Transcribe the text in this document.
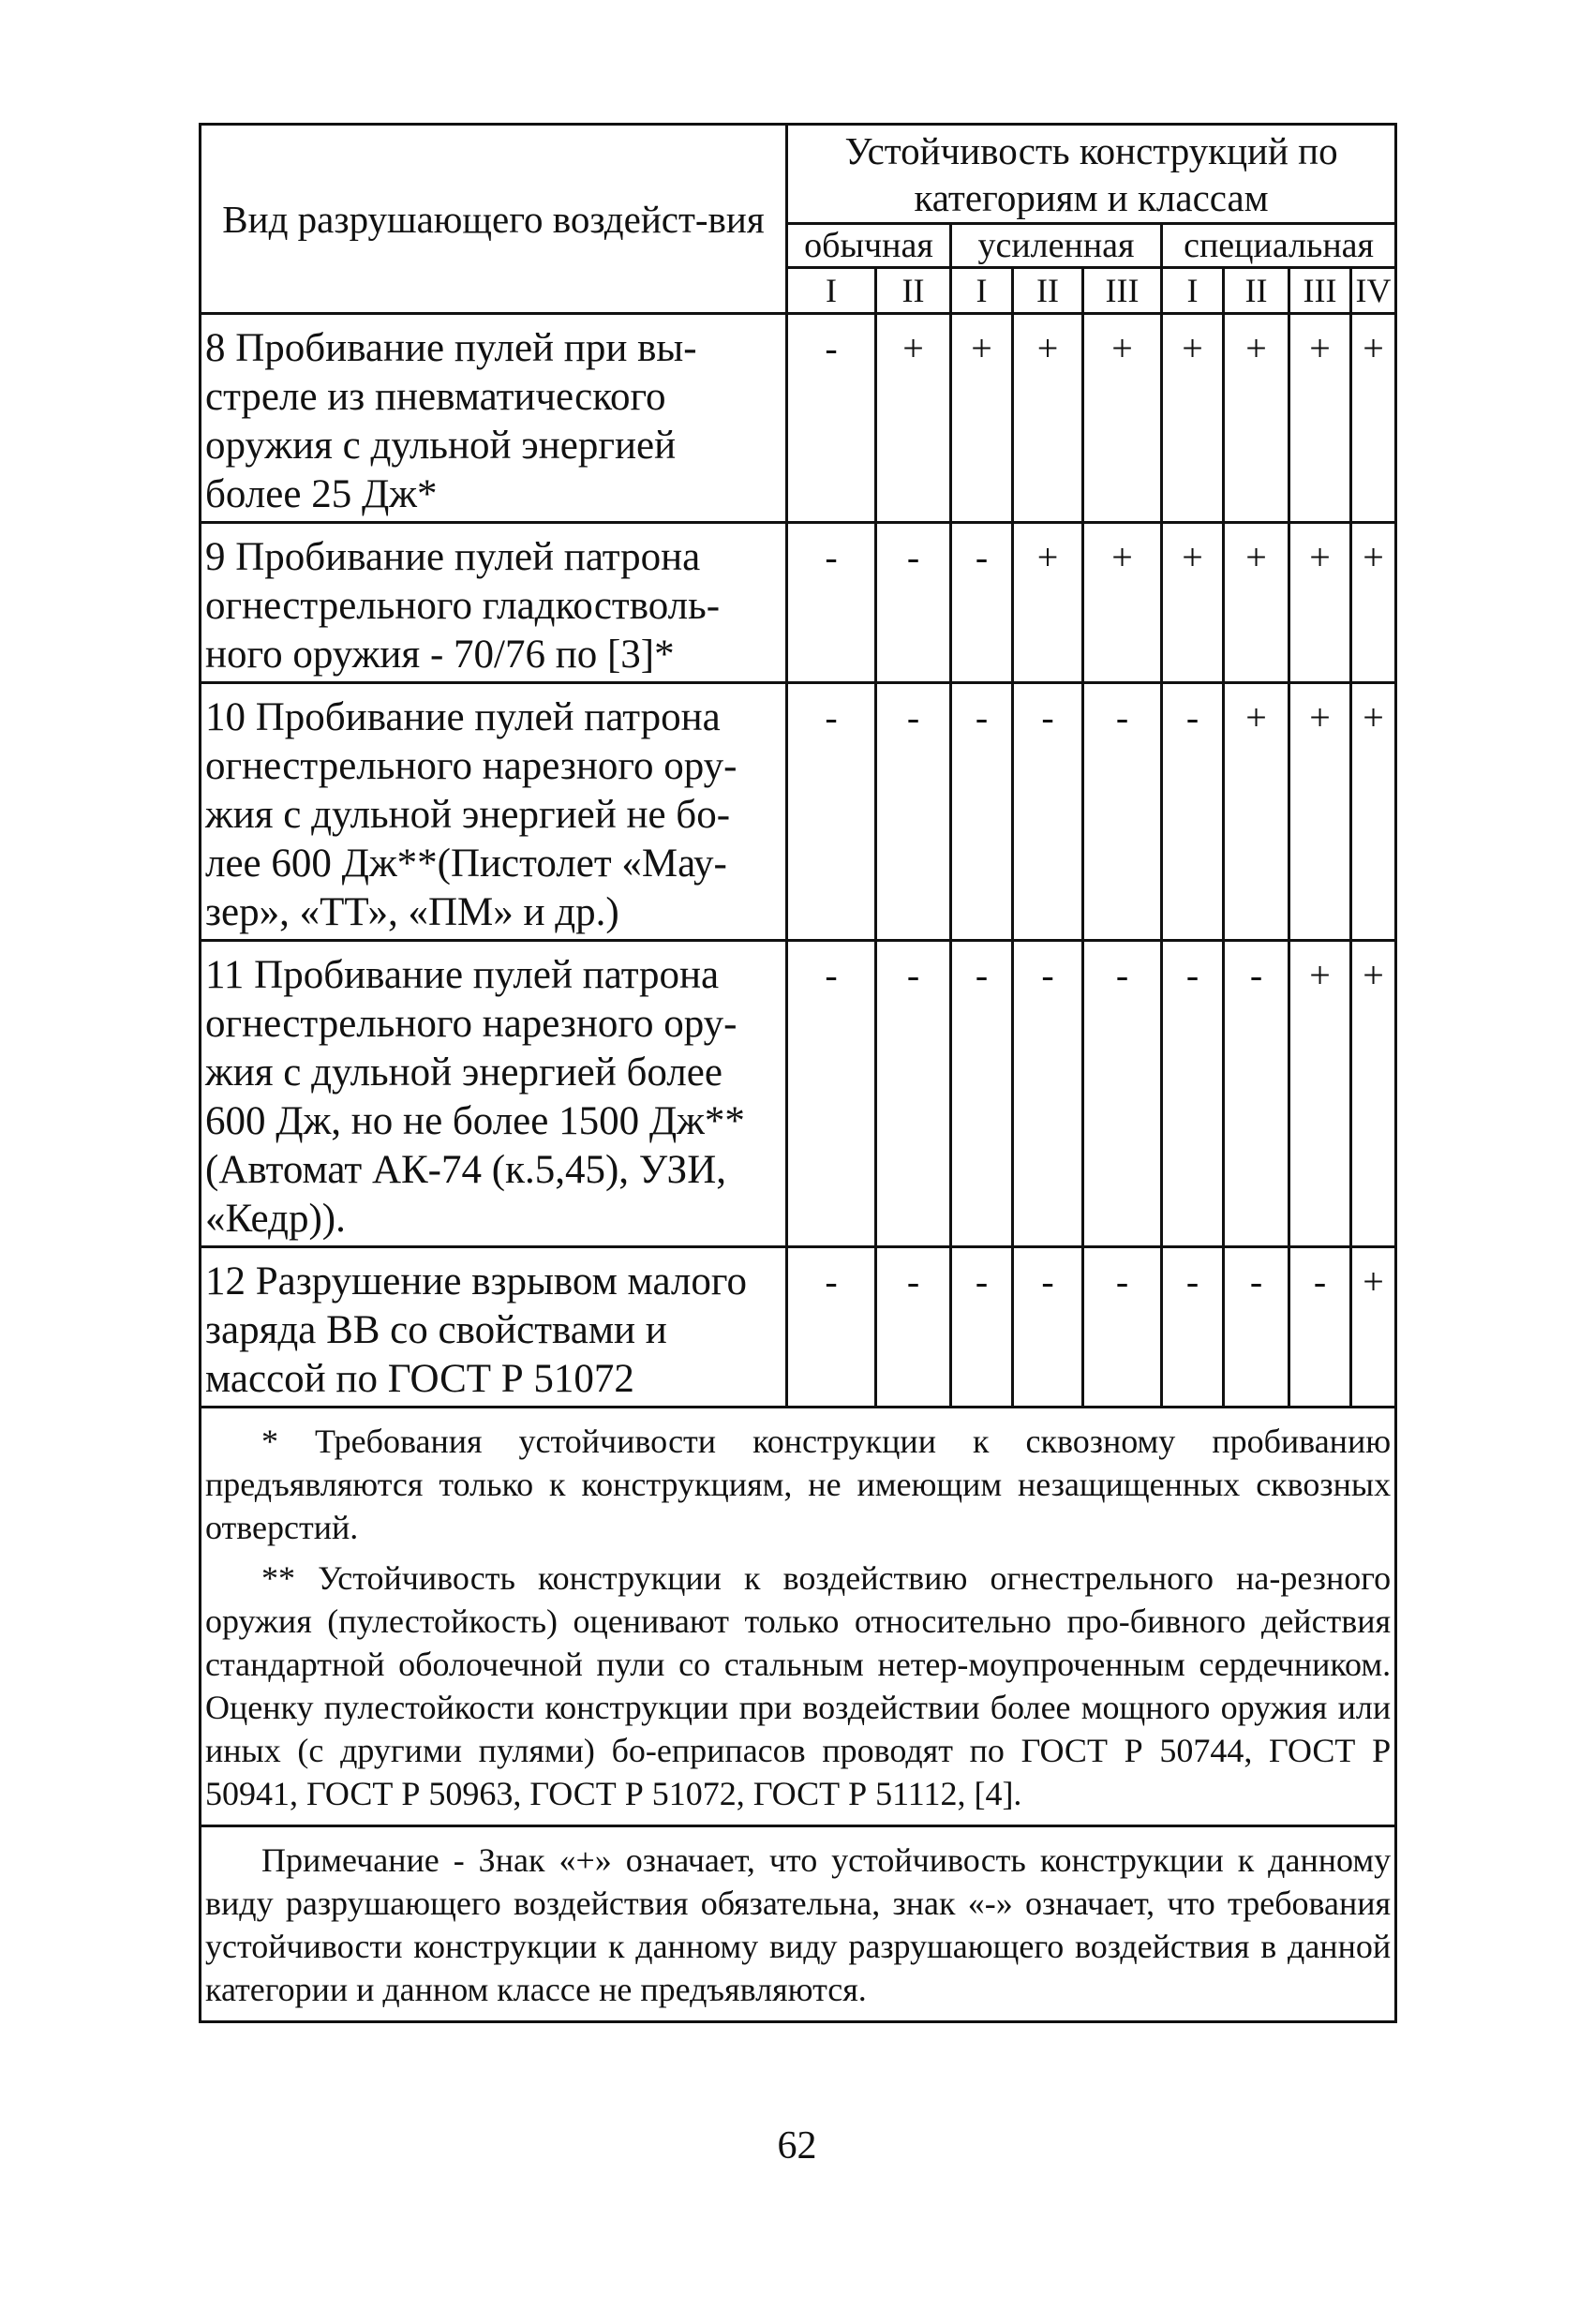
Вид разрушающего воздейст-вия	Устойчивость конструкций по категориям и классам								
	обычная		усиленная			специальная			
	I	II	I	II	III	I	II	III	IV
8 Пробивание пулей при вы-стреле из пневматического оружия с дульной энергией более 25 Дж*	-	+	+	+	+	+	+	+	+
9 Пробивание пулей патрона огнестрельного гладкостволь-ного оружия - 70/76 по [3]*	-	-	-	+	+	+	+	+	+
10 Пробивание пулей патрона огнестрельного нарезного ору-жия с дульной энергией не бо-лее 600 Дж**(Пистолет «Мау-зер», «ТТ», «ПМ» и др.)	-	-	-	-	-	-	+	+	+
11 Пробивание пулей патрона огнестрельного нарезного ору-жия с дульной энергией более 600 Дж, но не более 1500 Дж**(Автомат АК-74 (к.5,45), УЗИ, «Кедр)).	-	-	-	-	-	-	-	+	+
12 Разрушение взрывом малого заряда ВВ со свойствами и массой по ГОСТ Р 51072	-	-	-	-	-	-	-	-	+

* Требования устойчивости конструкции к сквозному пробиванию предъявляются только к конструкциям, не имеющим незащищенных сквозных отверстий.

** Устойчивость конструкции к воздействию огнестрельного на-резного оружия (пулестойкость) оценивают только относительно про-бивного действия стандартной оболочечной пули со стальным нетер-моупроченным сердечником. Оценку пулестойкости конструкции при воздействии более мощного оружия или иных (с другими пулями) бо-еприпасов проводят по ГОСТ Р 50744, ГОСТ Р 50941, ГОСТ Р 50963, ГОСТ Р 51072, ГОСТ Р 51112, [4].									

Примечание - Знак «+» означает, что устойчивость конструкции к данному виду разрушающего воздействия обязательна, знак «-» означает, что требования устойчивости конструкции к данному виду разрушающего воздействия в данной категории и данном классе не предъявляются.									

62
